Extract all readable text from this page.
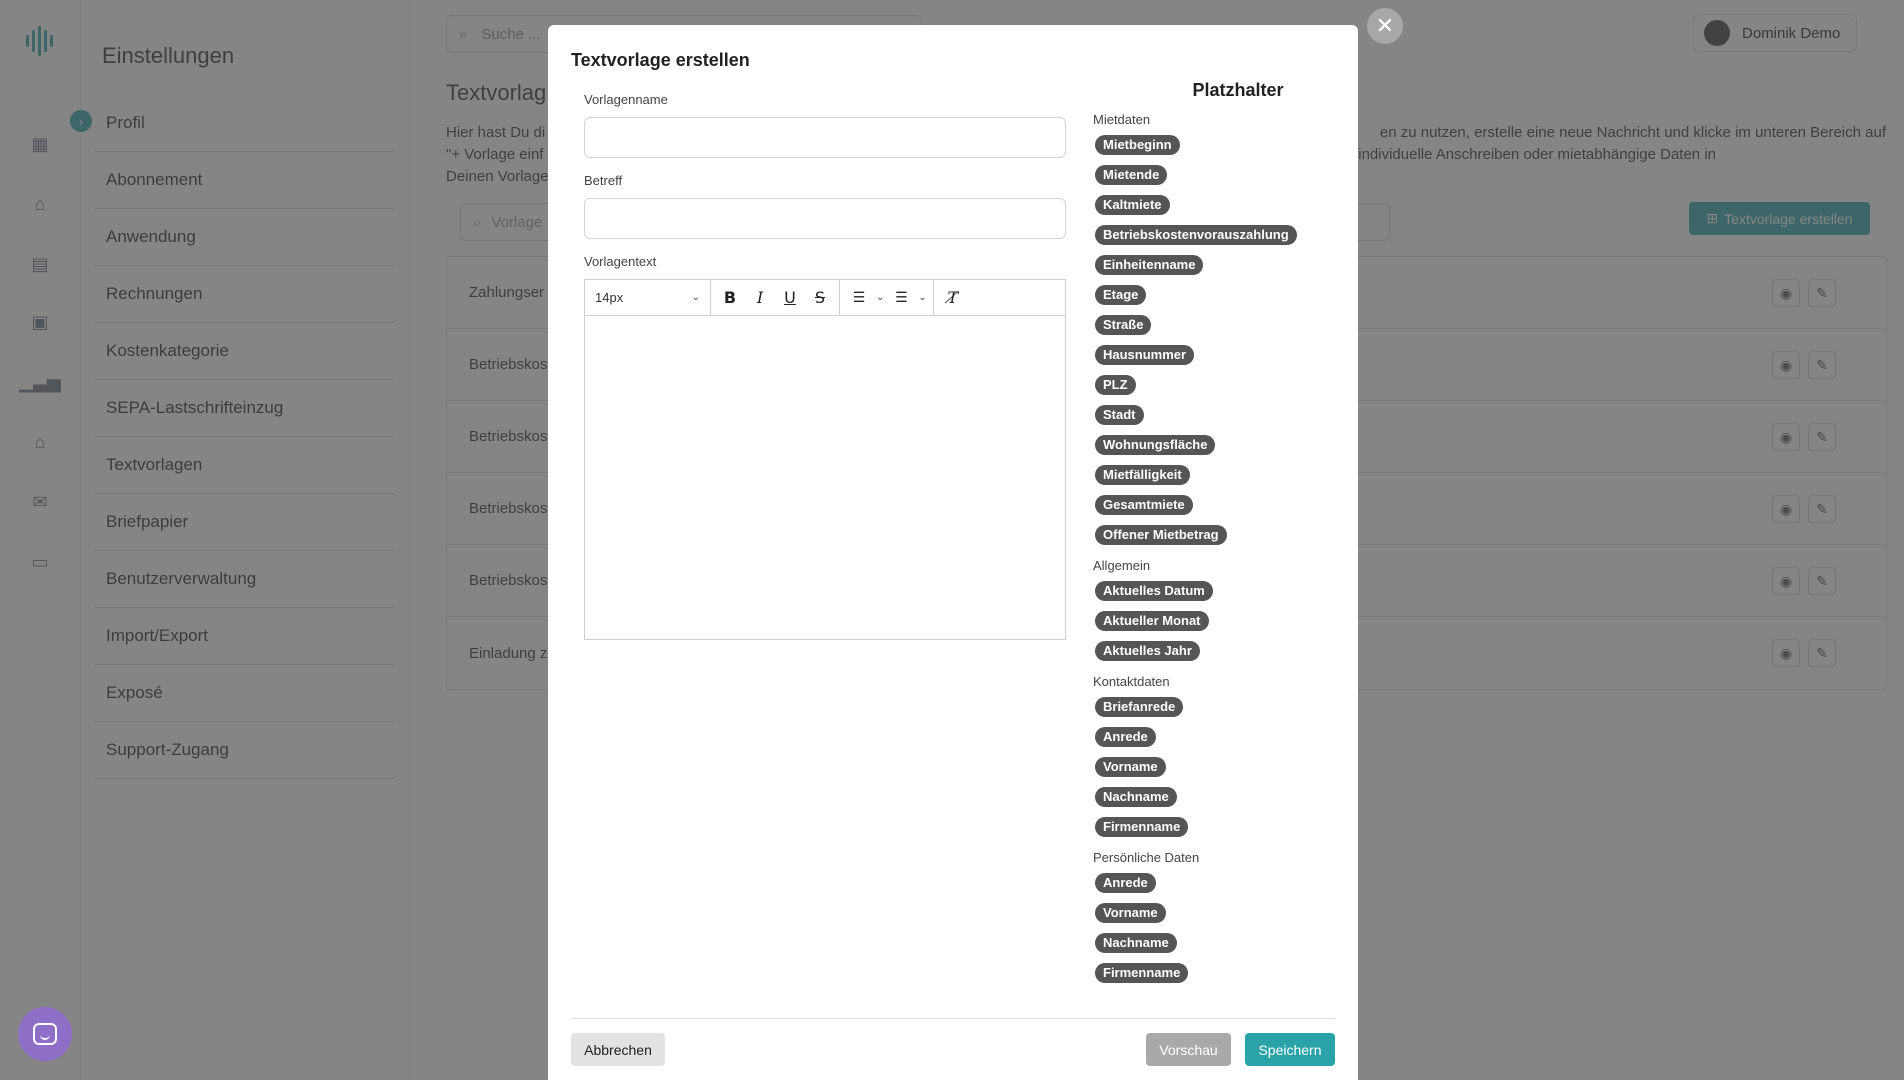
✕
Textvorlage erstellen
Vorlagenname
Betreff
Vorlagentext
14px	⌄	B	I	U	S	☰	⌄ ☰	⌄	T̸
Platzhalter
Mietdaten
Mietbeginn
Mietende
Kaltmiete
Betriebskostenvorauszahlung
Einheitenname
Etage
Straße
Hausnummer
PLZ
Stadt
Wohnungsfläche
Mietfälligkeit
Gesamtmiete
Offener Mietbetrag
Allgemein
Aktuelles Datum
Aktueller Monat
Aktuelles Jahr
Kontaktdaten
Briefanrede
Anrede
Vorname
Nachname
Firmenname
Persönliche Daten
Anrede
Vorname
Nachname
Firmenname
Abbrechen	Vorschau	Speichern
